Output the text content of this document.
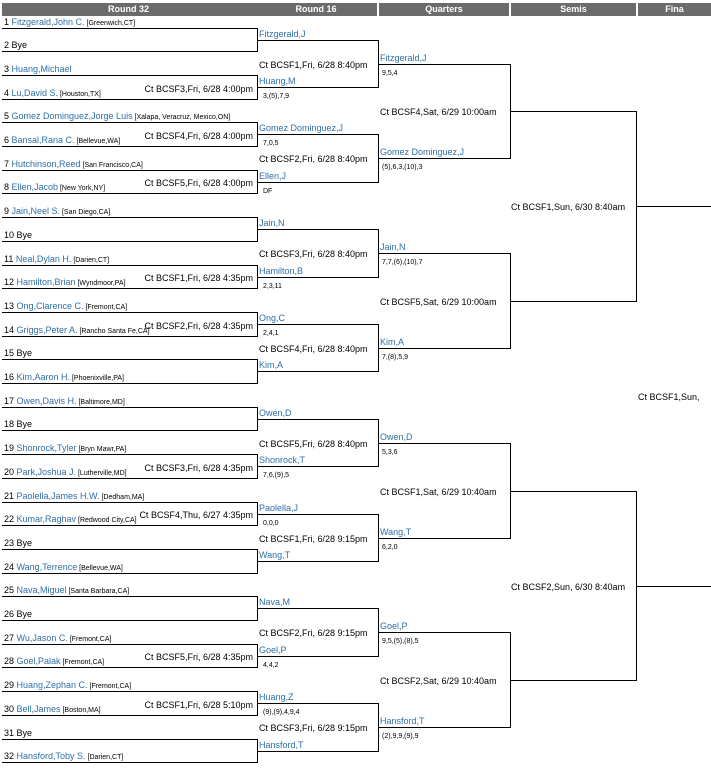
Round 32	Round 16	Quarters	Semis	Fina
1 Fitzgerald,John C. [Greenwich,CT]
2 Bye
3 Huang,Michael
4 Lu,David S. [Houston,TX]
5 Gomez Dominguez,Jorge Luis [Xalapa, Veracruz, Mexico,ON]
6 Bansal,Rana C. [Bellevue,WA]
7 Hutchinson,Reed [San Francisco,CA]
8 Ellen,Jacob [New York,NY]
9 Jain,Neel S. [San Diego,CA]
10 Bye
11 Neal,Dylan H. [Darien,CT]
12 Hamilton,Brian [Wyndmoor,PA]
13 Ong,Clarence C. [Fremont,CA]
14 Griggs,Peter A. [Rancho Santa Fe,CA]
15 Bye
16 Kim,Aaron H. [Phoenixville,PA]
17 Owen,Davis H. [Baltimore,MD]
18 Bye
19 Shonrock,Tyler [Bryn Mawr,PA]
20 Park,Joshua J. [Lutherville,MD]
21 Paolella,James H.W. [Dedham,MA]
22 Kumar,Raghav [Redwood City,CA]
23 Bye
24 Wang,Terrence [Bellevue,WA]
25 Nava,Miguel [Santa Barbara,CA]
26 Bye
27 Wu,Jason C. [Fremont,CA]
28 Goel,Palak [Fremont,CA]
29 Huang,Zephan C. [Fremont,CA]
30 Bell,James [Boston,MA]
31 Bye
32 Hansford,Toby S. [Darien,CT]
Ct BCSF3,Fri, 6/28 4:00pm
Ct BCSF4,Fri, 6/28 4:00pm
Ct BCSF5,Fri, 6/28 4:00pm
Ct BCSF1,Fri, 6/28 4:35pm
Ct BCSF2,Fri, 6/28 4:35pm
Ct BCSF3,Fri, 6/28 4:35pm
Ct BCSF4,Thu, 6/27 4:35pm
Ct BCSF5,Fri, 6/28 4:35pm
Ct BCSF1,Fri, 6/28 5:10pm
Fitzgerald,J
Huang,M
3,(5),7,9
Gomez Dominguez,J
7,0,5
Ellen,J
DF
Jain,N
Hamilton,B
2,3,11
Ong,C
2,4,1
Kim,A
Owen,D
Shonrock,T
7,6,(9),5
Paolella,J
0,0,0
Wang,T
Nava,M
Goel,P
4,4,2
Huang,Z
(9),(9),4,9,4
Hansford,T
Ct BCSF1,Fri, 6/28 8:40pm
Ct BCSF2,Fri, 6/28 8:40pm
Ct BCSF3,Fri, 6/28 8:40pm
Ct BCSF4,Fri, 6/28 8:40pm
Ct BCSF5,Fri, 6/28 8:40pm
Ct BCSF1,Fri, 6/28 9:15pm
Ct BCSF2,Fri, 6/28 9:15pm
Ct BCSF3,Fri, 6/28 9:15pm
Fitzgerald,J
9,5,4
Gomez Dominguez,J
(5),6,3,(10),3
Jain,N
7,7,(6),(10),7
Kim,A
7,(8),5,9
Owen,D
5,3,6
Wang,T
6,2,0
Goel,P
9,5,(5),(8),5
Hansford,T
(2),9,9,(9),9
Ct BCSF4,Sat, 6/29 10:00am
Ct BCSF5,Sat, 6/29 10:00am
Ct BCSF1,Sat, 6/29 10:40am
Ct BCSF2,Sat, 6/29 10:40am
Ct BCSF1,Sun, 6/30 8:40am
Ct BCSF2,Sun, 6/30 8:40am
Ct BCSF1,Sun,
